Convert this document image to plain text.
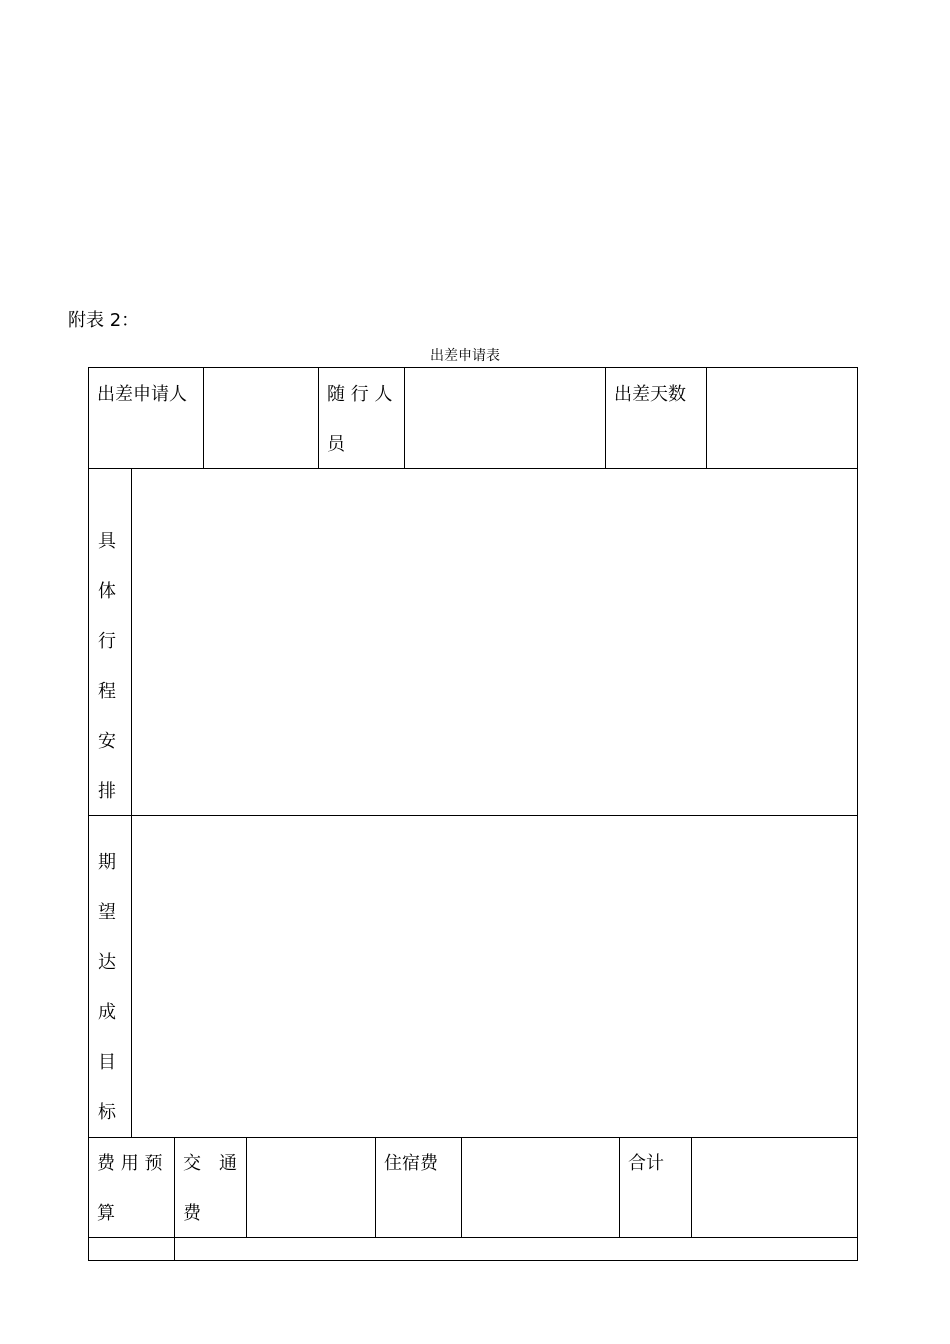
附表 2：
出差申请表
出差申请人	随 行 人
员
出差天数
具
体
行
程
安
排
期
望
达
成
目
标
费 用 预
算
交　通
费
住宿费	合计
